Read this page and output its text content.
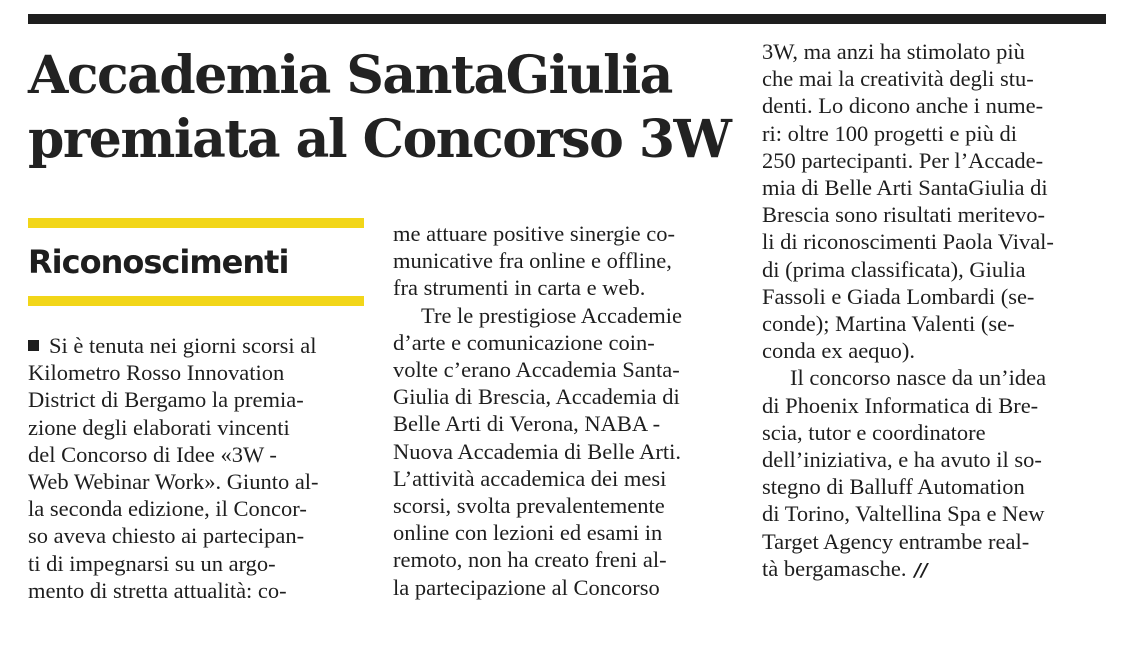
Accademia SantaGiulia
premiata al Concorso 3W
Riconoscimenti

Si è tenuta nei giorni scorsi al
Kilometro Rosso Innovation
District di Bergamo la premia-
zione degli elaborati vincenti
del Concorso di Idee «3W -
Web Webinar Work». Giunto al-
la seconda edizione, il Concor-
so aveva chiesto ai partecipan-
ti di impegnarsi su un argo-
mento di stretta attualità: co-

me attuare positive sinergie co-
municative fra online e offline,
fra strumenti in carta e web.

Tre le prestigiose Accademie
d’arte e comunicazione coin-
volte c’erano Accademia Santa-
Giulia di Brescia, Accademia di
Belle Arti di Verona, NABA -
Nuova Accademia di Belle Arti.
L’attività accademica dei mesi
scorsi, svolta prevalentemente
online con lezioni ed esami in
remoto, non ha creato freni al-
la partecipazione al Concorso

3W, ma anzi ha stimolato più
che mai la creatività degli stu-
denti. Lo dicono anche i nume-
ri: oltre 100 progetti e più di
250 partecipanti. Per l’Accade-
mia di Belle Arti SantaGiulia di
Brescia sono risultati meritevo-
li di riconoscimenti Paola Vival-
di (prima classificata), Giulia
Fassoli e Giada Lombardi (se-
conde); Martina Valenti (se-
conda ex aequo).

Il concorso nasce da un’idea
di Phoenix Informatica di Bre-
scia, tutor e coordinatore
dell’iniziativa, e ha avuto il so-
stegno di Balluff Automation
di Torino, Valtellina Spa e New
Target Agency entrambe real-
tà bergamasche. //
